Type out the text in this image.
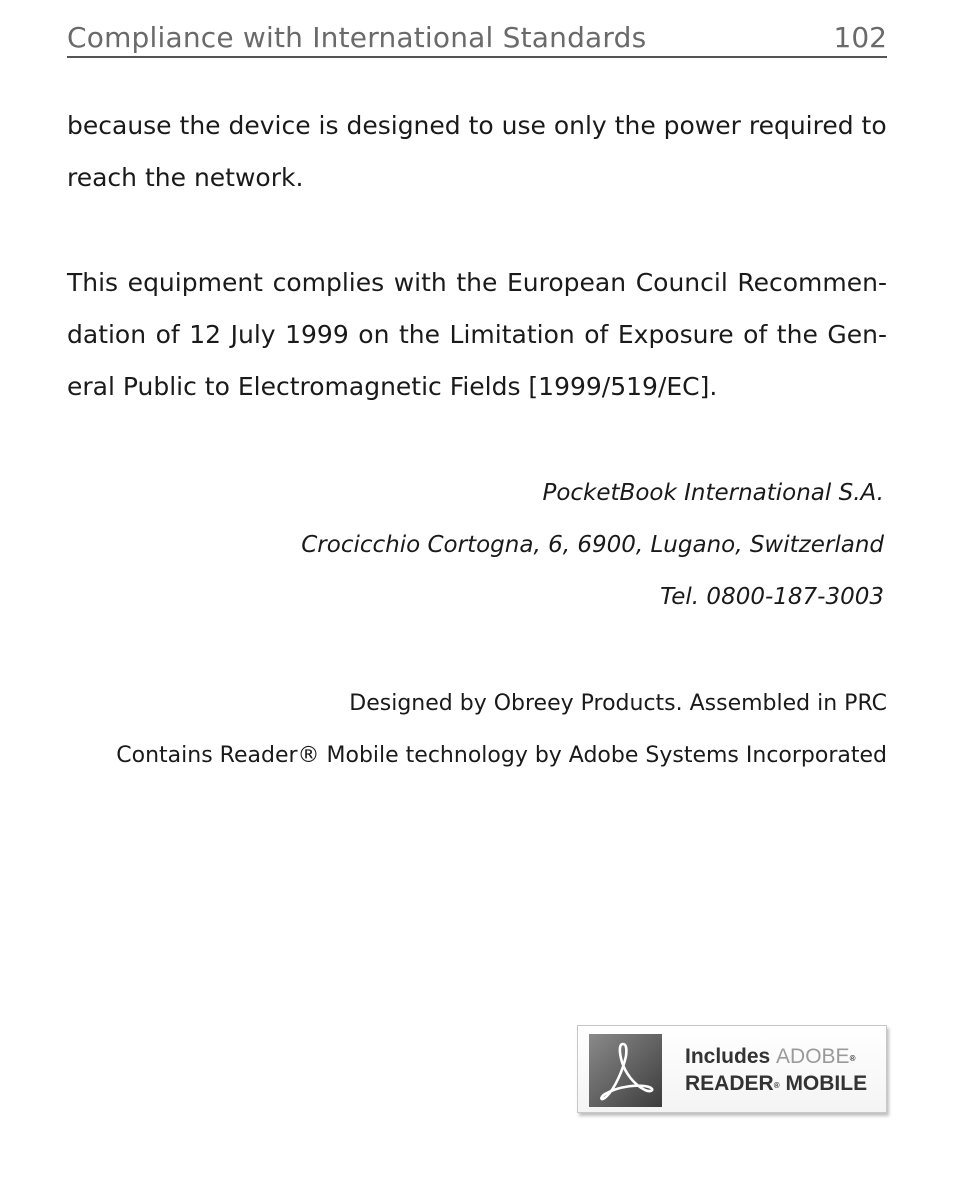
Compliance with International Standards	102
because the device is designed to use only the power required to
reach the network.
This equipment complies with the European Council Recommen-
dation of 12 July 1999 on the Limitation of Exposure of the Gen-
eral Public to Electromagnetic Fields [1999/519/EC].
PocketBook International S.A.
Crocicchio Cortogna, 6, 6900, Lugano, Switzerland
Tel. 0800-187-3003
Designed by Obreey Products. Assembled in PRC
Contains Reader® Mobile technology by Adobe Systems Incorporated
Includes ADOBE®
READER® MOBILE
